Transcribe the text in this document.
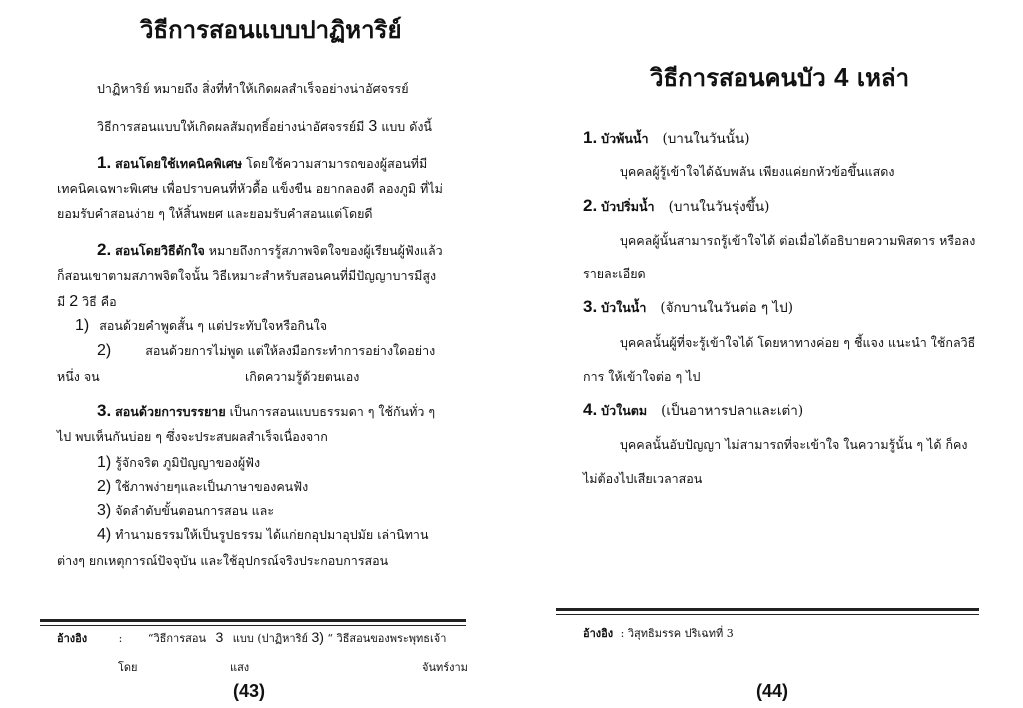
วิธีการสอนแบบปาฏิหาริย์
ปาฏิหาริย์ หมายถึง สิ่งที่ทำให้เกิดผลสำเร็จอย่างน่าอัศจรรย์
วิธีการสอนแบบให้เกิดผลสัมฤทธิ์อย่างน่าอัศจรรย์มี 3 แบบ ดังนี้
1. สอนโดยใช้เทคนิคพิเศษ โดยใช้ความสามารถของผู้สอนที่มี
เทคนิคเฉพาะพิเศษ เพื่อปราบคนที่หัวดื้อ แข็งขืน อยากลองดี ลองภูมิ ที่ไม่
ยอมรับคำสอนง่าย ๆ ให้สิ้นพยศ และยอมรับคำสอนแต่โดยดี
2. สอนโดยวิธีดักใจ หมายถึงการรู้สภาพจิตใจของผู้เรียนผู้ฟังแล้ว
ก็สอนเขาตามสภาพจิตใจนั้น วิธีเหมาะสำหรับสอนคนที่มีปัญญาบารมีสูง
มี 2 วิธี คือ
1) สอนด้วยคำพูดสั้น ๆ แต่ประทับใจหรือกินใจ
2)	สอนด้วยการไม่พูด แต่ให้ลงมือกระทำการอย่างใดอย่าง
หนึ่ง จน	เกิดความรู้ด้วยตนเอง
3. สอนด้วยการบรรยาย เป็นการสอนแบบธรรมดา ๆ ใช้กันทั่ว ๆ
ไป พบเห็นกันบ่อย ๆ ซึ่งจะประสบผลสำเร็จเนื่องจาก
1) รู้จักจริต ภูมิปัญญาของผู้ฟัง
2) ใช้ภาพง่ายๆและเป็นภาษาของคนฟัง
3) จัดลำดับขั้นตอนการสอน และ
4) ทำนามธรรมให้เป็นรูปธรรม ได้แก่ยกอุปมาอุปมัย เล่านิทาน
ต่างๆ ยกเหตุการณ์ปัจจุบัน และใช้อุปกรณ์จริงประกอบการสอน
อ้างอิง	: “วิธีการสอน 3 แบบ (ปาฏิหาริย์ 3) “ วิธีสอนของพระพุทธเจ้า
โดย	แสง	จันทร์งาม
(43)
วิธีการสอนคนบัว 4 เหล่า
1. บัวพ้นน้ำ (บานในวันนั้น)
บุคคลผู้รู้เข้าใจได้ฉับพลัน เพียงแค่ยกหัวข้อขึ้นแสดง
2. บัวปริ่มน้ำ (บานในวันรุ่งขึ้น)
บุคคลผู้นั้นสามารถรู้เข้าใจได้ ต่อเมื่อได้อธิบายความพิสดาร หรือลง
รายละเอียด
3. บัวในน้ำ (จักบานในวันต่อ ๆ ไป)
บุคคลนั้นผู้ที่จะรู้เข้าใจได้ โดยหาทางค่อย ๆ ชี้แจง แนะนำ ใช้กลวิธี
การ ให้เข้าใจต่อ ๆ ไป
4. บัวในตม (เป็นอาหารปลาและเต่า)
บุคคลนั้นอับปัญญา ไม่สามารถที่จะเข้าใจ ในความรู้นั้น ๆ ได้ ก็คง
ไม่ต้องไปเสียเวลาสอน
อ้างอิง : วิสุทธิมรรค ปริเฉทที่ 3
(44)
